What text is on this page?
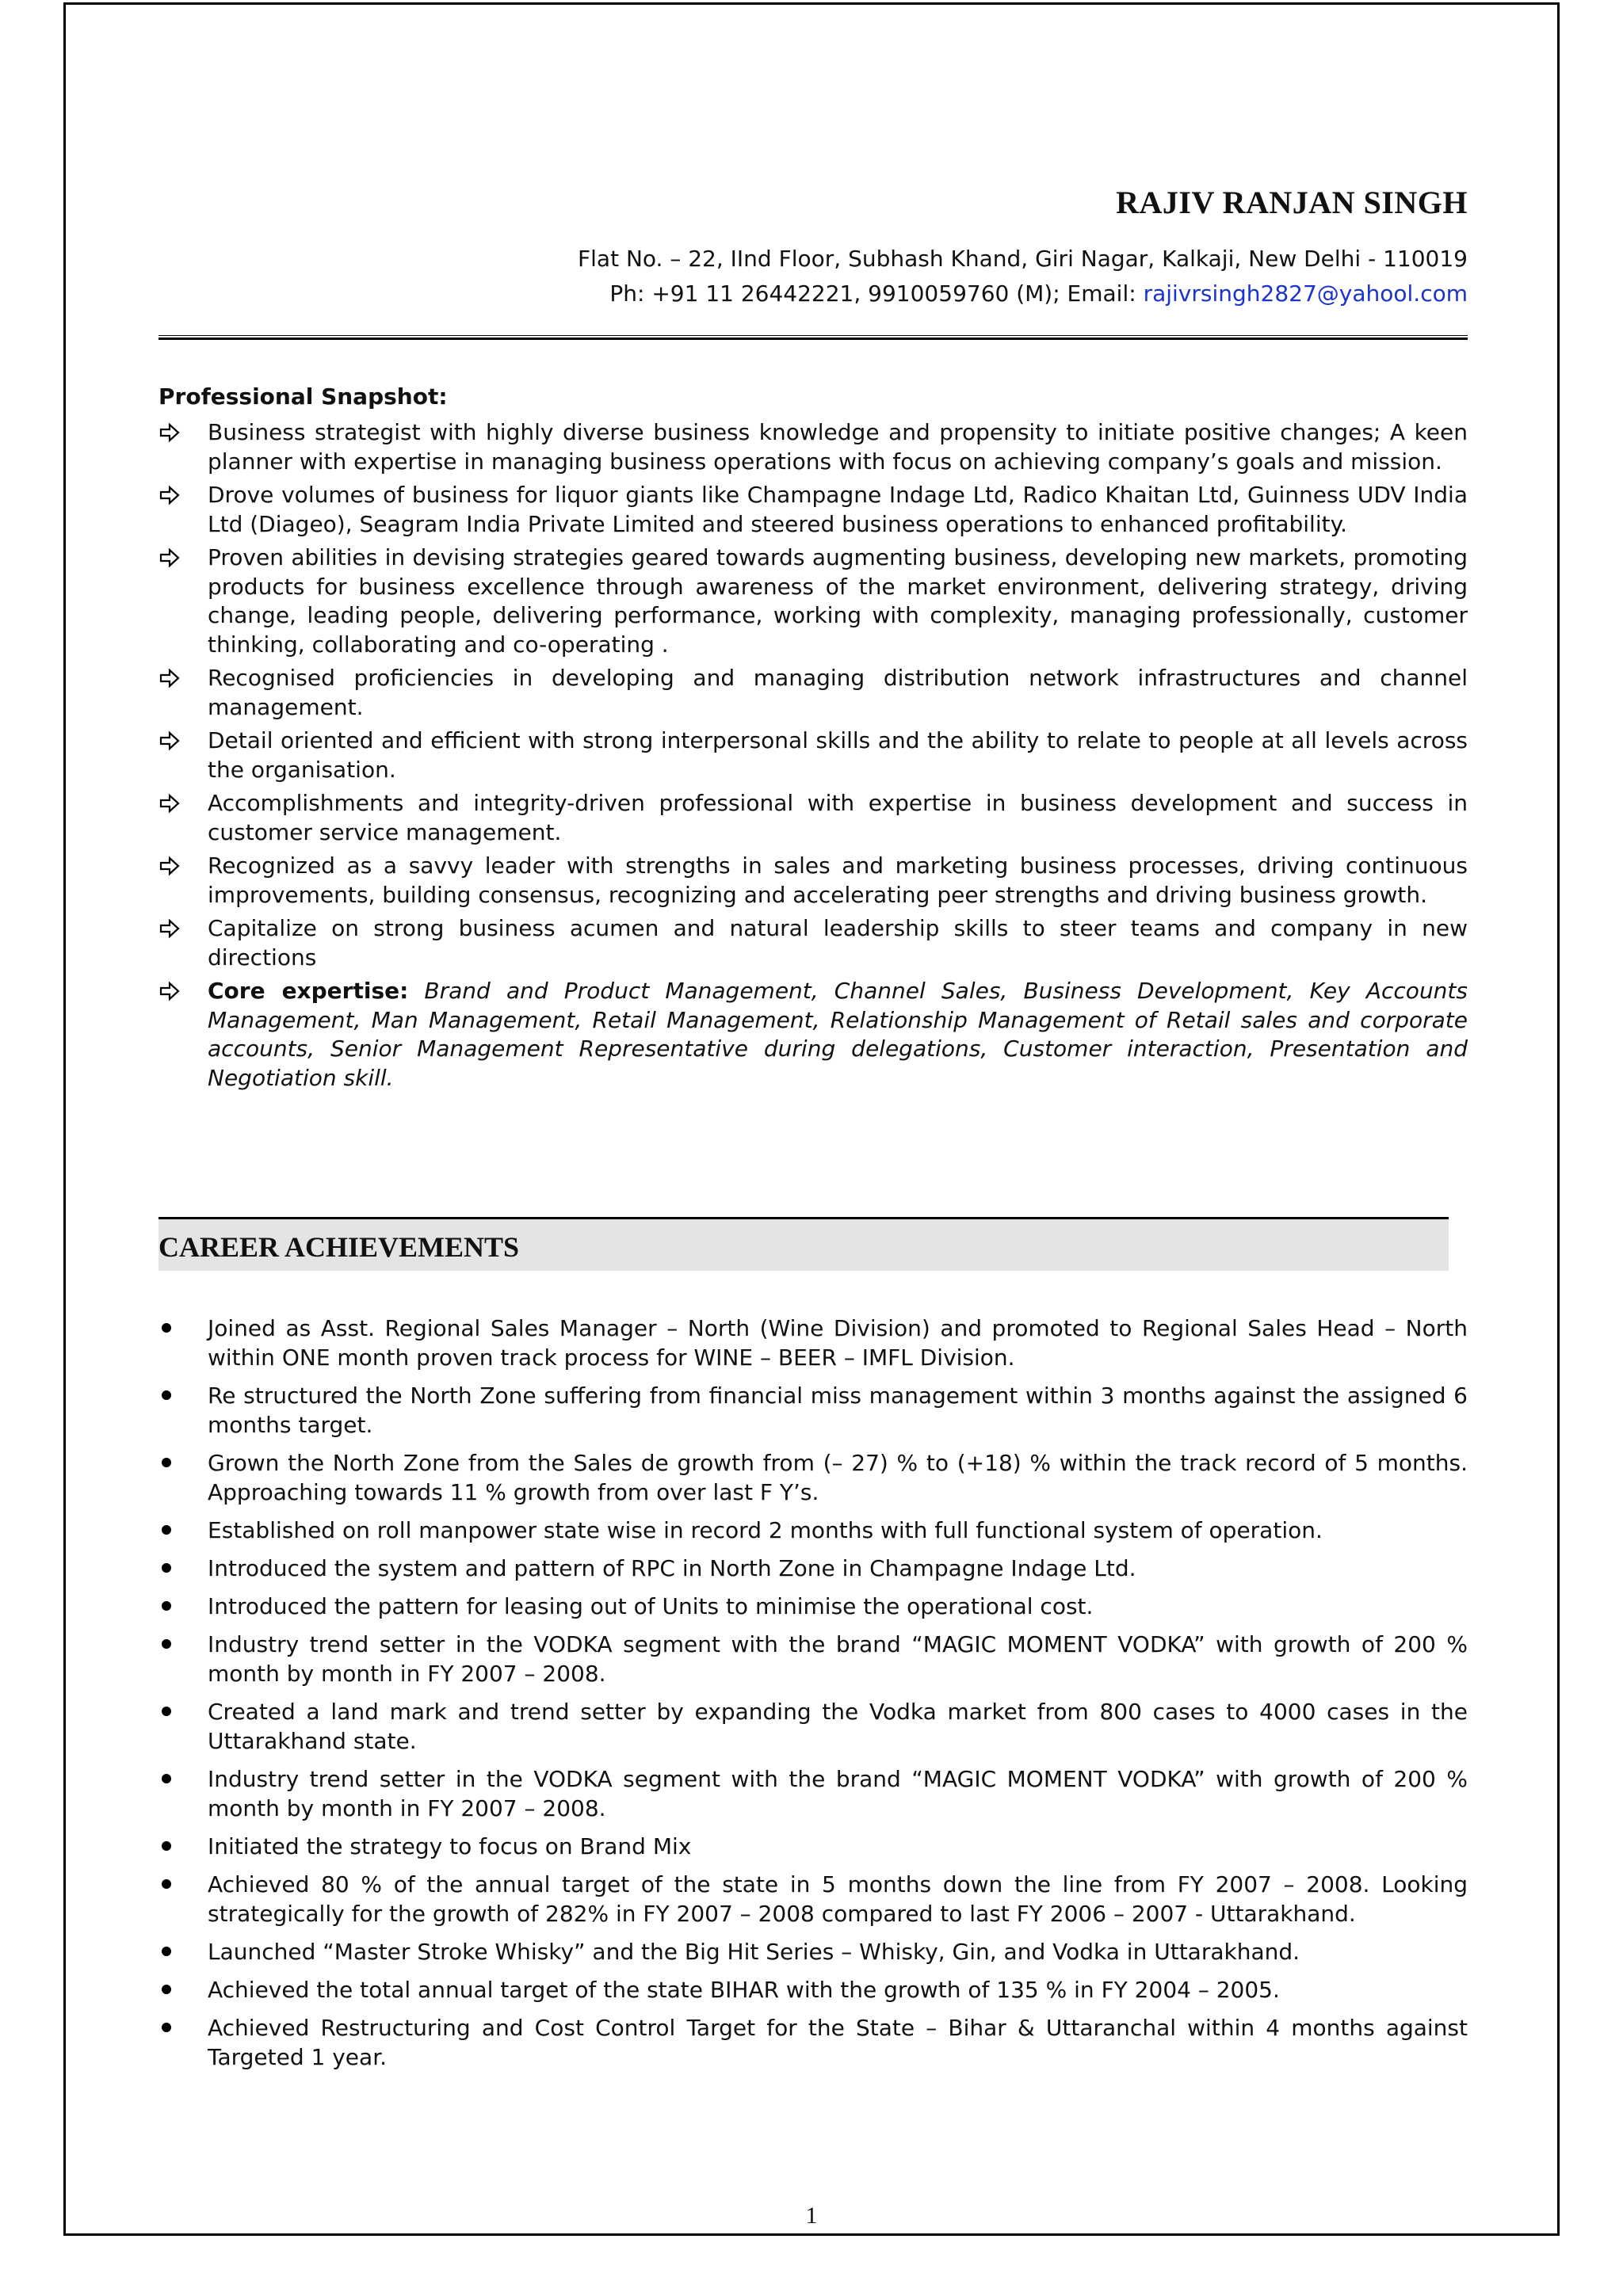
RAJIV RANJAN SINGH
Flat No. – 22, IInd Floor, Subhash Khand, Giri Nagar, Kalkaji, New Delhi - 110019
Ph: +91 11 26442221, 9910059760 (M); Email: rajivrsingh2827@yahool.com
Professional Snapshot:
Business strategist with highly diverse business knowledge and propensity to initiate positive changes; A keen planner with expertise in managing business operations with focus on achieving company’s goals and mission.
Drove volumes of business for liquor giants like Champagne Indage Ltd, Radico Khaitan Ltd, Guinness UDV India Ltd (Diageo), Seagram India Private Limited and steered business operations to enhanced profitability.
Proven abilities in devising strategies geared towards augmenting business, developing new markets, promoting products for business excellence through awareness of the market environment, delivering strategy, driving change, leading people, delivering performance, working with complexity, managing professionally, customer thinking, collaborating and co-operating .
Recognised proficiencies in developing and managing distribution network infrastructures and channel management.
Detail oriented and efficient with strong interpersonal skills and the ability to relate to people at all levels across the organisation.
Accomplishments and integrity-driven professional with expertise in business development and success in customer service management.
Recognized as a savvy leader with strengths in sales and marketing business processes, driving continuous improvements, building consensus, recognizing and accelerating peer strengths and driving business growth.
Capitalize on strong business acumen and natural leadership skills to steer teams and company in new directions
Core expertise: Brand and Product Management, Channel Sales, Business Development, Key Accounts Management, Man Management, Retail Management, Relationship Management of Retail sales and corporate accounts, Senior Management Representative during delegations, Customer interaction, Presentation and Negotiation skill.
CAREER ACHIEVEMENTS
Joined as Asst. Regional Sales Manager – North (Wine Division) and promoted to Regional Sales Head – North within ONE month proven track process for WINE – BEER – IMFL Division.
Re structured the North Zone suffering from financial miss management within 3 months against the assigned 6 months target.
Grown the North Zone from the Sales de growth from (– 27) % to (+18) % within the track record of 5 months. Approaching towards 11 % growth from over last F Y’s.
Established on roll manpower state wise in record 2 months with full functional system of operation.
Introduced the system and pattern of RPC in North Zone in Champagne Indage Ltd.
Introduced the pattern for leasing out of Units to minimise the operational cost.
Industry trend setter in the VODKA segment with the brand “MAGIC MOMENT VODKA” with growth of 200 % month by month in FY 2007 – 2008.
Created a land mark and trend setter by expanding the Vodka market from 800 cases to 4000 cases in the Uttarakhand state.
Industry trend setter in the VODKA segment with the brand “MAGIC MOMENT VODKA” with growth of 200 % month by month in FY 2007 – 2008.
Initiated the strategy to focus on Brand Mix
Achieved 80 % of the annual target of the state in 5 months down the line from FY 2007 – 2008. Looking strategically for the growth of 282% in FY 2007 – 2008 compared to last FY 2006 – 2007 - Uttarakhand.
Launched “Master Stroke Whisky” and the Big Hit Series – Whisky, Gin, and Vodka in Uttarakhand.
Achieved the total annual target of the state BIHAR with the growth of 135 % in FY 2004 – 2005.
Achieved Restructuring and Cost Control Target for the State – Bihar & Uttaranchal within 4 months against Targeted 1 year.
1
